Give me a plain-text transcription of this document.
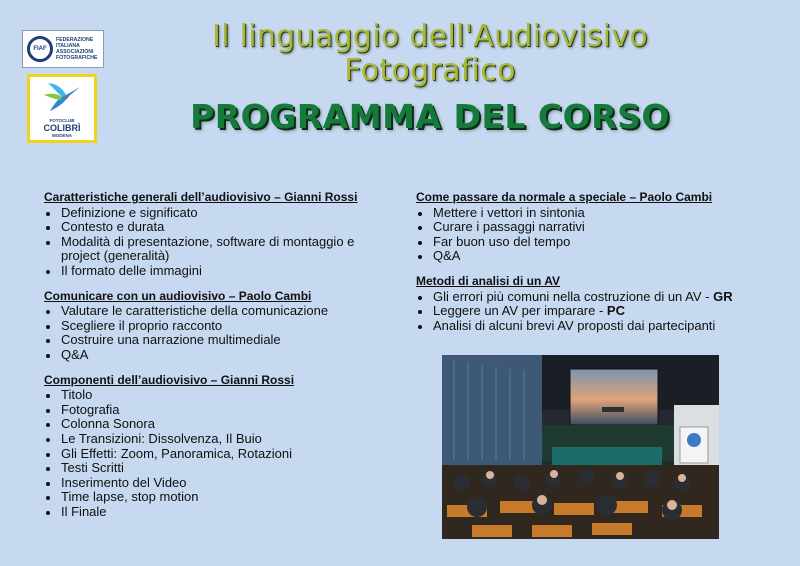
FIAF
FEDERAZIONE
ITALIANA
ASSOCIAZIONI
FOTOGRAFICHE
FOTOCLUB
COLIBRÌ
MODENA
Il linguaggio dell'Audiovisivo
Fotografico
PROGRAMMA DEL CORSO
Caratteristiche generali dell’audiovisivo – Gianni Rossi
Definizione e significato
Contesto e durata
Modalità di presentazione, software di montaggio e project (generalità)
Il formato delle immagini
Comunicare con un audiovisivo – Paolo Cambi
Valutare le caratteristiche della comunicazione
Scegliere il proprio racconto
Costruire una narrazione multimediale
Q&A
Componenti dell’audiovisivo – Gianni Rossi
Titolo
Fotografia
Colonna Sonora
Le Transizioni: Dissolvenza, Il Buio
Gli Effetti: Zoom, Panoramica, Rotazioni
Testi Scritti
Inserimento del Video
Time lapse, stop motion
Il Finale
Come passare da normale a speciale – Paolo Cambi
Mettere i vettori in sintonia
Curare i passaggi narrativi
Far buon uso del tempo
Q&A
Metodi di analisi di un AV
Gli errori più comuni nella costruzione di un AV - GR
Leggere un AV per imparare - PC
Analisi di alcuni brevi AV proposti dai partecipanti
